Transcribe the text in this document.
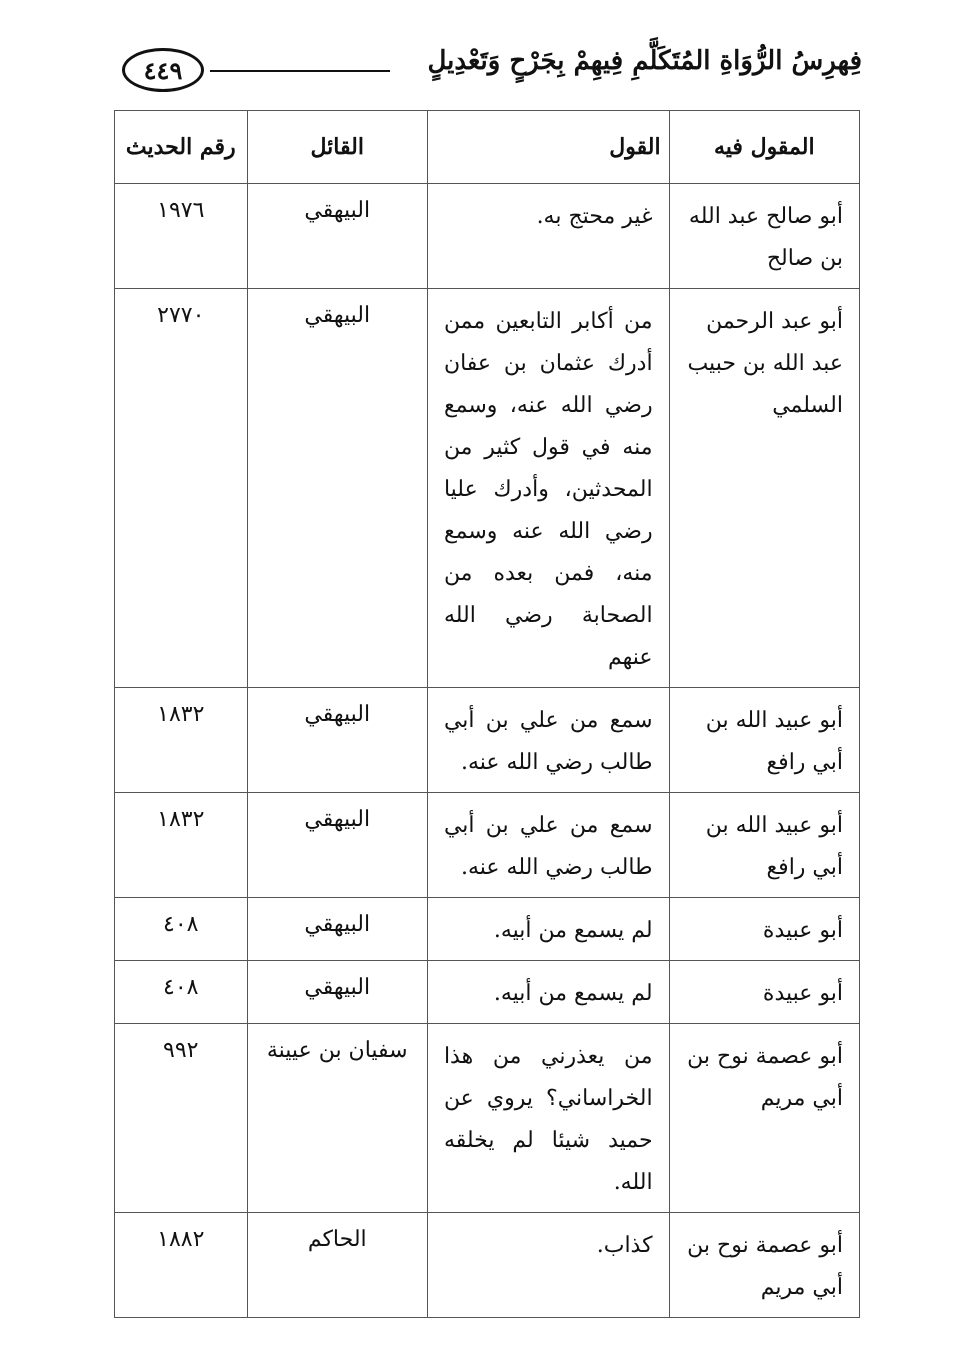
٤٤٩	فِهرِسُ الرُّوَاةِ المُتَكَلَّمِ فِيهِمْ بِجَرْحٍ وَتَعْدِيلٍ
المقول فيه	القول	القائل	رقم الحديث
أبو صالح عبد الله بن صالح	غير محتج به.	البيهقي	١٩٧٦
أبو عبد الرحمن عبد الله بن حبيب السلمي	من أكابر التابعين ممن أدرك عثمان بن عفان رضي الله عنه، وسمع منه في قول كثير من المحدثين، وأدرك عليا رضي الله عنه وسمع منه، فمن بعده من الصحابة رضي الله عنهم	البيهقي	٢٧٧٠
أبو عبيد الله بن أبي رافع	سمع من علي بن أبي طالب رضي الله عنه.	البيهقي	١٨٣٢
أبو عبيد الله بن أبي رافع	سمع من علي بن أبي طالب رضي الله عنه.	البيهقي	١٨٣٢
أبو عبيدة	لم يسمع من أبيه.	البيهقي	٤٠٨
أبو عبيدة	لم يسمع من أبيه.	البيهقي	٤٠٨
أبو عصمة نوح بن أبي مريم	من يعذرني من هذا الخراساني؟ يروي عن حميد شيئا لم يخلقه الله.	سفيان بن عيينة	٩٩٢
أبو عصمة نوح بن أبي مريم	كذاب.	الحاكم	١٨٨٢
